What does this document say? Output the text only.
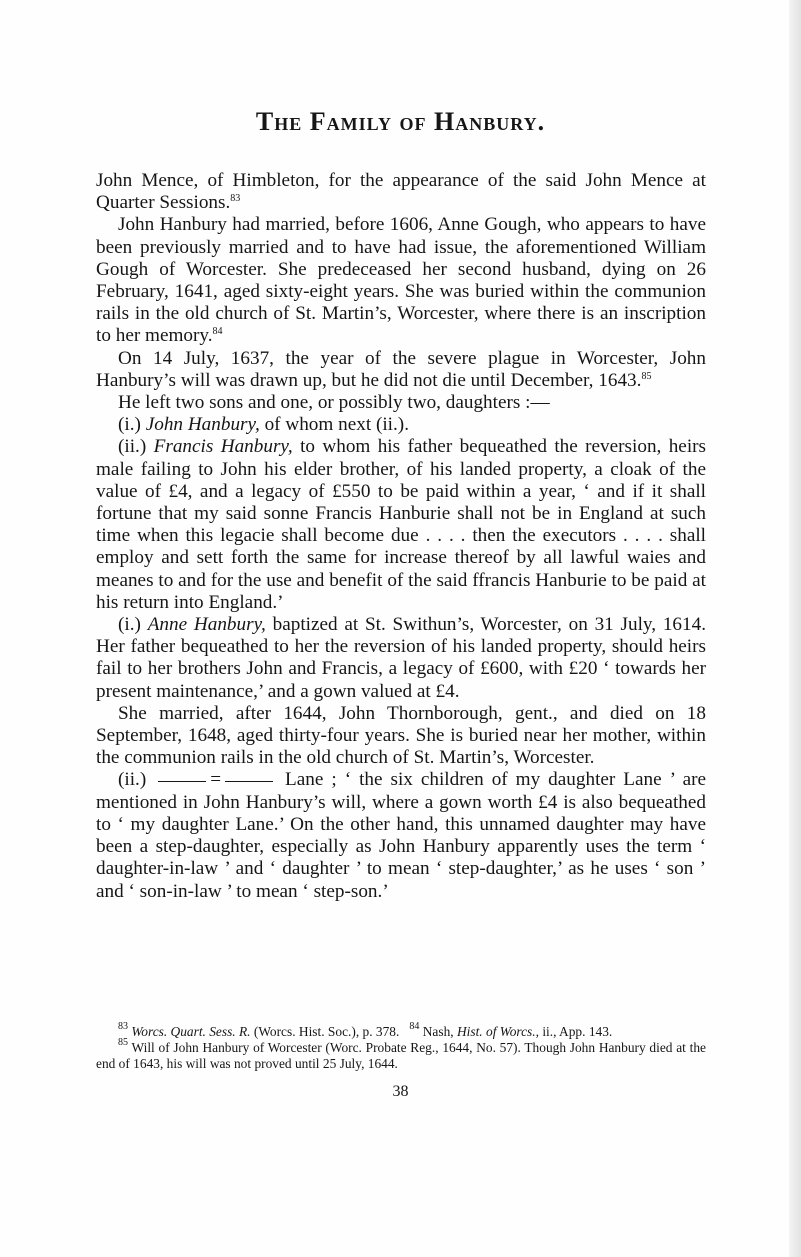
The Family of Hanbury.

John Mence, of Himbleton, for the appearance of the said John Mence at Quarter Sessions.$^{83}$

John Hanbury had married, before 1606, Anne Gough, who appears to have been previously married and to have had issue, the aforementioned William Gough of Worcester. She predeceased her second husband, dying on 26 February, 1641, aged sixty-eight years. She was buried within the communion rails in the old church of St. Martin’s, Worcester, where there is an inscription to her memory.$^{84}$

On 14 July, 1637, the year of the severe plague in Worcester, John Hanbury’s will was drawn up, but he did not die until December, 1643.85

He left two sons and one, or possibly two, daughters :—

(i.) John Hanbury, of whom next (ii.).

(ii.) Francis Hanbury, to whom his father bequeathed the reversion, heirs male failing to John his elder brother, of his landed property, a cloak of the value of £4, and a legacy of £550 to be paid within a year, ‘ and if it shall fortune that my said sonne Francis Hanburie shall not be in England at such time when this legacie shall become due . . . . then the executors . . . . shall employ and sett forth the same for increase thereof by all lawful waies and meanes to and for the use and benefit of the said ffrancis Hanburie to be paid at his return into England.’

(i.) Anne Hanbury, baptized at St. Swithun’s, Worcester, on 31 July, 1614. Her father bequeathed to her the reversion of his landed property, should heirs fail to her brothers John and Francis, a legacy of £600, with £20 ‘ towards her present maintenance,’ and a gown valued at £4.

She married, after 1644, John Thornborough, gent., and died on 18 September, 1648, aged thirty-four years. She is buried near her mother, within the communion rails in the old church of St. Martin’s, Worcester.

(ii.)	=	Lane ; ‘ the six children of my daughter Lane ’ are mentioned in John Hanbury’s will, where a gown worth £4 is also bequeathed to ‘ my daughter Lane.’ On the other hand, this unnamed daughter may have been a step-daughter, especially as John Hanbury apparently uses the term ‘ daughter-in-law ’ and ‘ daughter ’ to mean ‘ step-daughter,’ as he uses ‘ son ’ and ‘ son-in-law ’ to mean ‘ step-son.’

$^{83}$ Worcs. Quart. Sess. R. (Worcs. Hist. Soc.), p. 378. $^{84}$ Nash, Hist. of Worcs., ii., App. 143.

$^{85}$ Will of John Hanbury of Worcester (Worc. Probate Reg., 1644, No. 57). Though John Hanbury died at the end of 1643, his will was not proved until 25 July, 1644.

38
